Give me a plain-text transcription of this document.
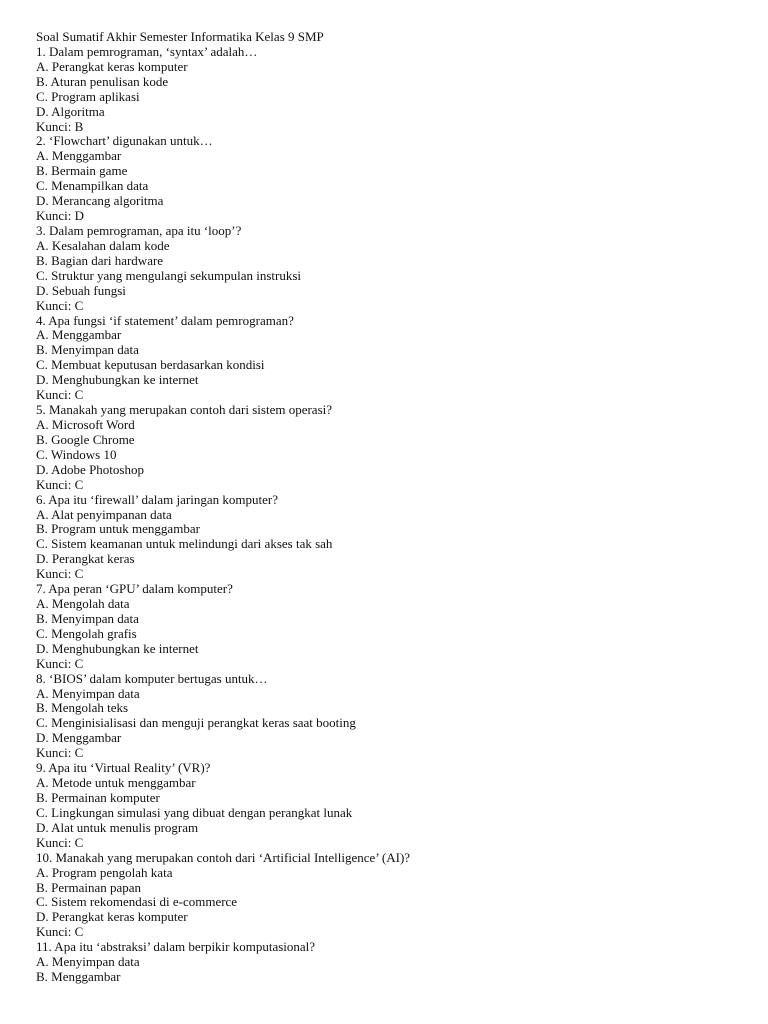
Soal Sumatif Akhir Semester Informatika Kelas 9 SMP
1. Dalam pemrograman, ‘syntax’ adalah…
A. Perangkat keras komputer
B. Aturan penulisan kode
C. Program aplikasi
D. Algoritma
Kunci: B
2. ‘Flowchart’ digunakan untuk…
A. Menggambar
B. Bermain game
C. Menampilkan data
D. Merancang algoritma
Kunci: D
3. Dalam pemrograman, apa itu ‘loop’?
A. Kesalahan dalam kode
B. Bagian dari hardware
C. Struktur yang mengulangi sekumpulan instruksi
D. Sebuah fungsi
Kunci: C
4. Apa fungsi ‘if statement’ dalam pemrograman?
A. Menggambar
B. Menyimpan data
C. Membuat keputusan berdasarkan kondisi
D. Menghubungkan ke internet
Kunci: C
5. Manakah yang merupakan contoh dari sistem operasi?
A. Microsoft Word
B. Google Chrome
C. Windows 10
D. Adobe Photoshop
Kunci: C
6. Apa itu ‘firewall’ dalam jaringan komputer?
A. Alat penyimpanan data
B. Program untuk menggambar
C. Sistem keamanan untuk melindungi dari akses tak sah
D. Perangkat keras
Kunci: C
7. Apa peran ‘GPU’ dalam komputer?
A. Mengolah data
B. Menyimpan data
C. Mengolah grafis
D. Menghubungkan ke internet
Kunci: C
8. ‘BIOS’ dalam komputer bertugas untuk…
A. Menyimpan data
B. Mengolah teks
C. Menginisialisasi dan menguji perangkat keras saat booting
D. Menggambar
Kunci: C
9. Apa itu ‘Virtual Reality’ (VR)?
A. Metode untuk menggambar
B. Permainan komputer
C. Lingkungan simulasi yang dibuat dengan perangkat lunak
D. Alat untuk menulis program
Kunci: C
10. Manakah yang merupakan contoh dari ‘Artificial Intelligence’ (AI)?
A. Program pengolah kata
B. Permainan papan
C. Sistem rekomendasi di e-commerce
D. Perangkat keras komputer
Kunci: C
11. Apa itu ‘abstraksi’ dalam berpikir komputasional?
A. Menyimpan data
B. Menggambar
